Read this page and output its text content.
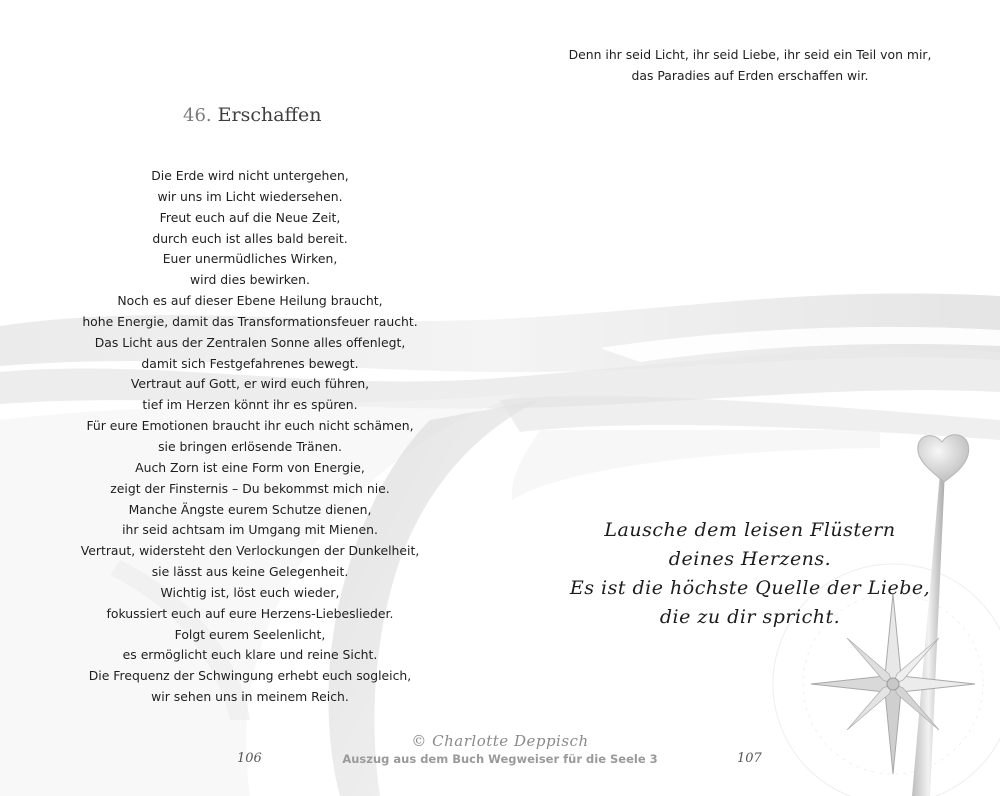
46. Erschaffen
Die Erde wird nicht untergehen,
wir uns im Licht wiedersehen.
Freut euch auf die Neue Zeit,
durch euch ist alles bald bereit.
Euer unermüdliches Wirken,
wird dies bewirken.
Noch es auf dieser Ebene Heilung braucht,
hohe Energie, damit das Transformationsfeuer raucht.
Das Licht aus der Zentralen Sonne alles offenlegt,
damit sich Festgefahrenes bewegt.
Vertraut auf Gott, er wird euch führen,
tief im Herzen könnt ihr es spüren.
Für eure Emotionen braucht ihr euch nicht schämen,
sie bringen erlösende Tränen.
Auch Zorn ist eine Form von Energie,
zeigt der Finsternis – Du bekommst mich nie.
Manche Ängste eurem Schutze dienen,
ihr seid achtsam im Umgang mit Mienen.
Vertraut, widersteht den Verlockungen der Dunkelheit,
sie lässt aus keine Gelegenheit.
Wichtig ist, löst euch wieder,
fokussiert euch auf eure Herzens-Liebeslieder.
Folgt eurem Seelenlicht,
es ermöglicht euch klare und reine Sicht.
Die Frequenz der Schwingung erhebt euch sogleich,
wir sehen uns in meinem Reich.
106
Denn ihr seid Licht, ihr seid Liebe, ihr seid ein Teil von mir,
das Paradies auf Erden erschaffen wir.
Lausche dem leisen Flüstern
deines Herzens.
Es ist die höchste Quelle der Liebe,
die zu dir spricht.
107
© Charlotte Deppisch
Auszug aus dem Buch Wegweiser für die Seele 3
